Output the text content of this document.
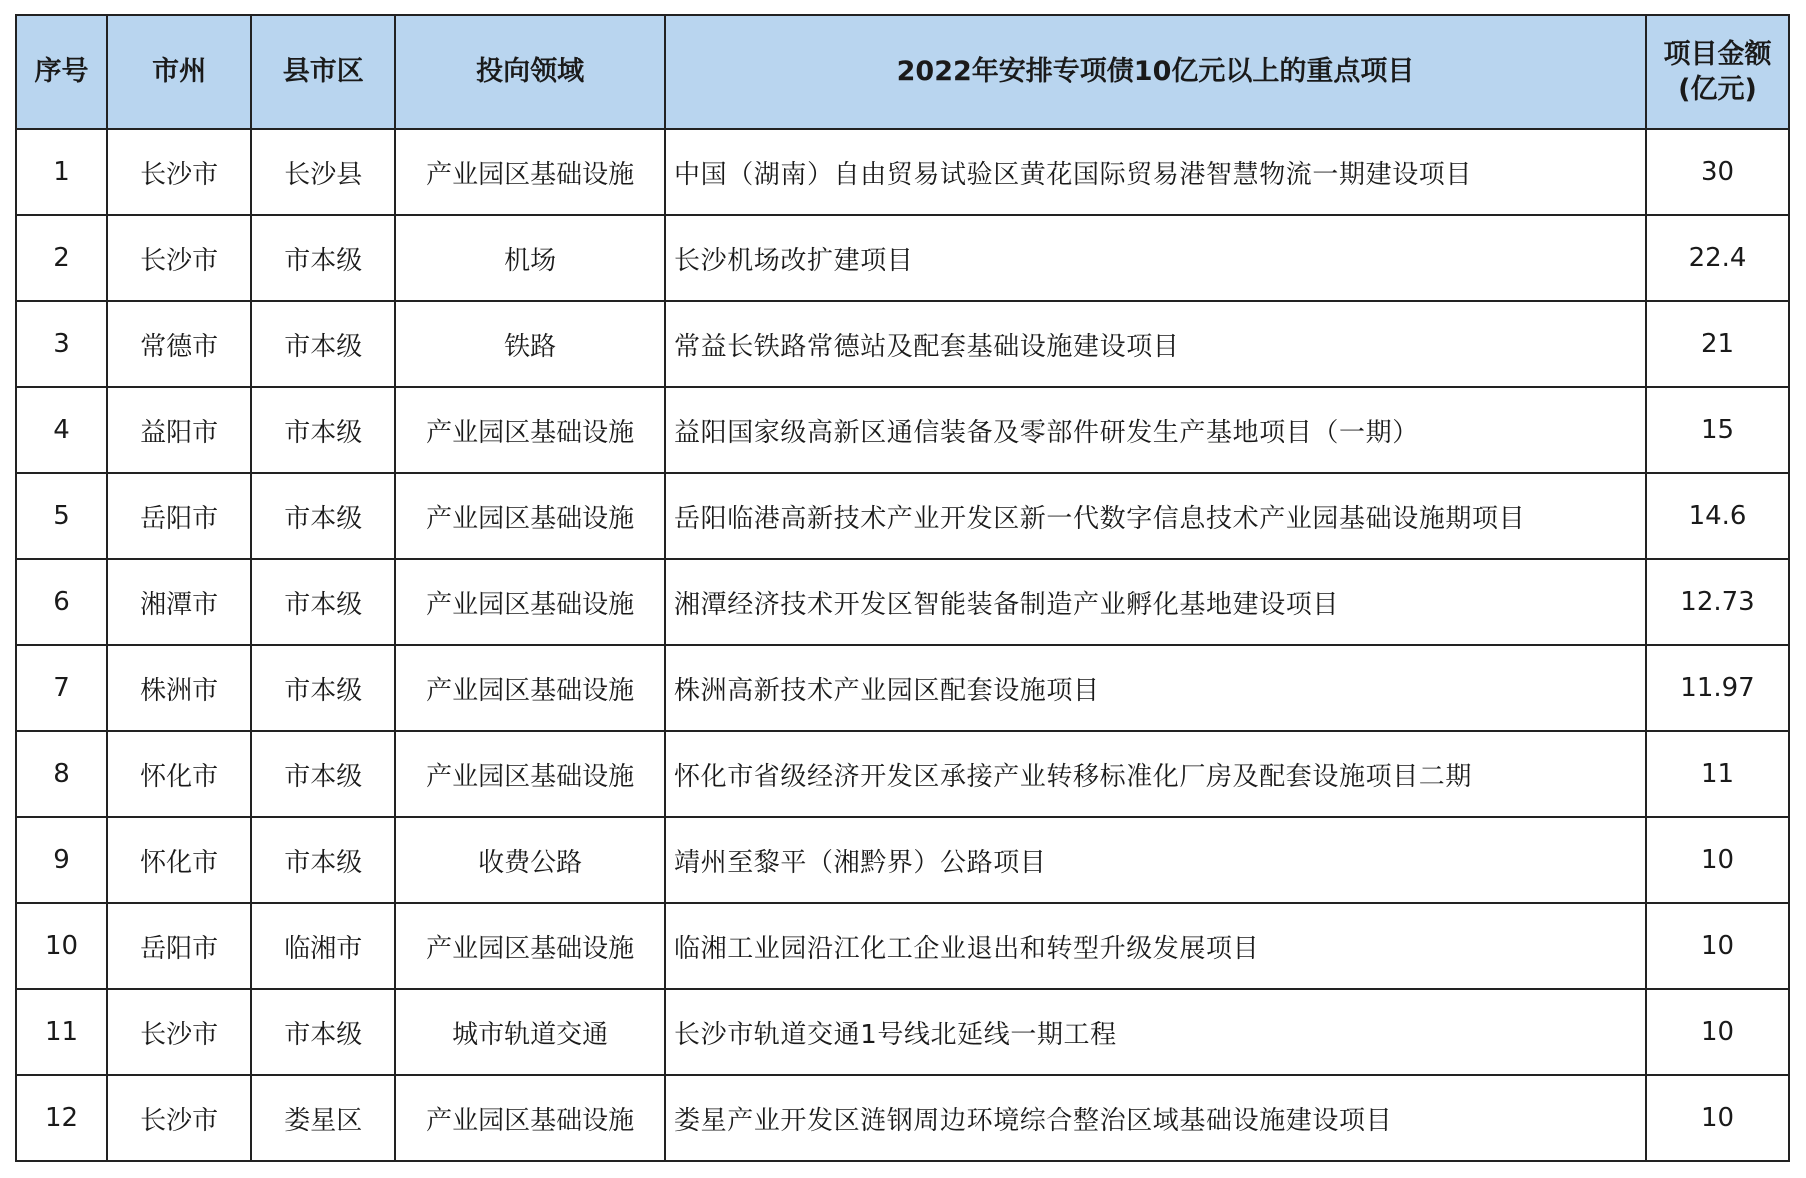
序号	市州	县市区	投向领域	2022年安排专项债10亿元以上的重点项目	项目金额
(亿元)

1	长沙市	长沙县	产业园区基础设施	中国（湖南）自由贸易试验区黄花国际贸易港智慧物流一期建设项目	30
2	长沙市	市本级	机场	长沙机场改扩建项目	22.4
3	常德市	市本级	铁路	常益长铁路常德站及配套基础设施建设项目	21
4	益阳市	市本级	产业园区基础设施	益阳国家级高新区通信装备及零部件研发生产基地项目（一期）	15
5	岳阳市	市本级	产业园区基础设施	岳阳临港高新技术产业开发区新一代数字信息技术产业园基础设施期项目	14.6
6	湘潭市	市本级	产业园区基础设施	湘潭经济技术开发区智能装备制造产业孵化基地建设项目	12.73
7	株洲市	市本级	产业园区基础设施	株洲高新技术产业园区配套设施项目	11.97
8	怀化市	市本级	产业园区基础设施	怀化市省级经济开发区承接产业转移标准化厂房及配套设施项目二期	11
9	怀化市	市本级	收费公路	靖州至黎平（湘黔界）公路项目	10
10	岳阳市	临湘市	产业园区基础设施	临湘工业园沿江化工企业退出和转型升级发展项目	10
11	长沙市	市本级	城市轨道交通	长沙市轨道交通1号线北延线一期工程	10
12	长沙市	娄星区	产业园区基础设施	娄星产业开发区涟钢周边环境综合整治区域基础设施建设项目	10
